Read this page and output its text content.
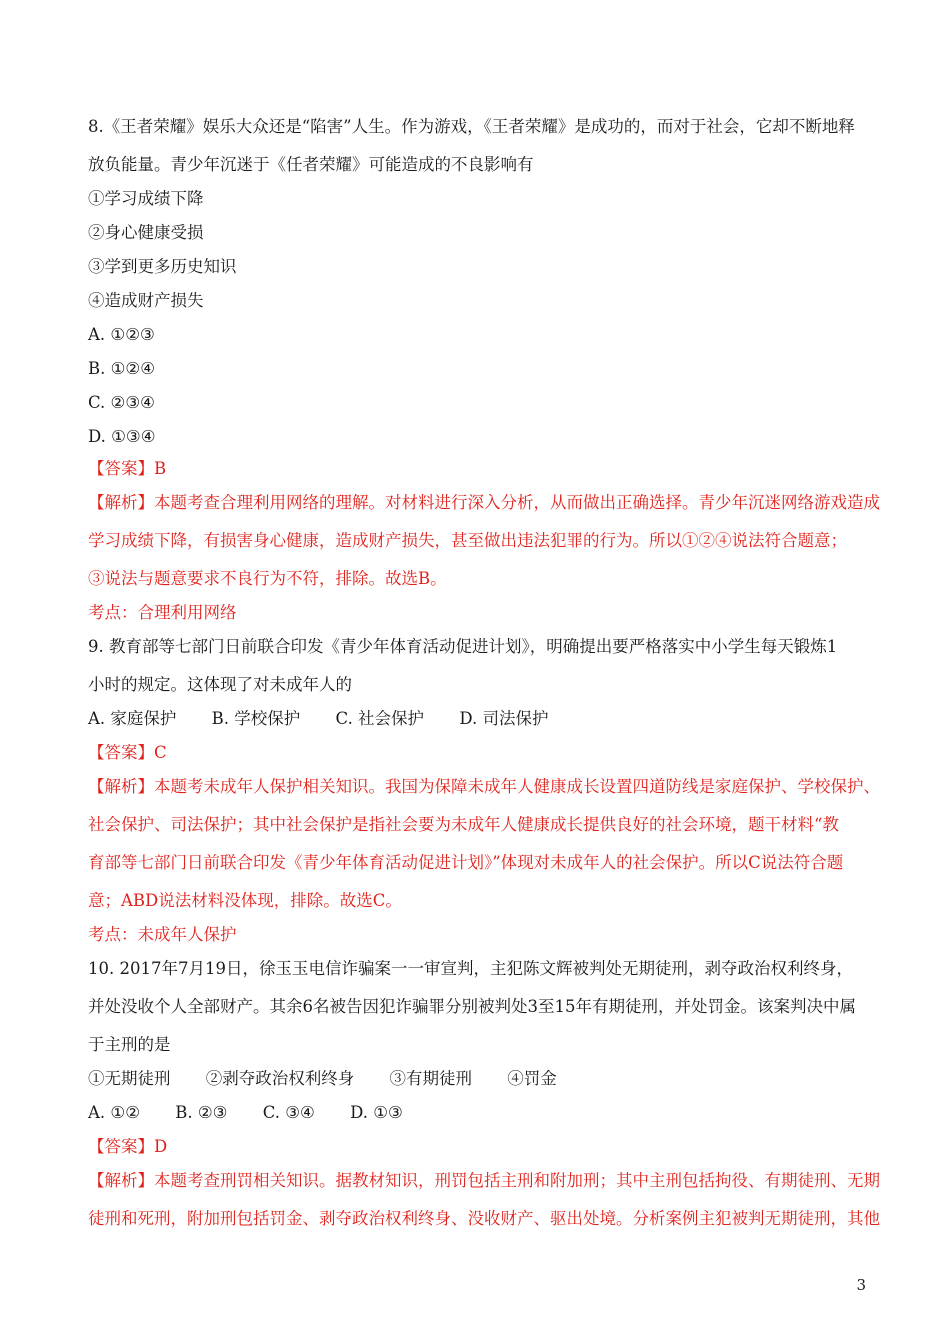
8.《王者荣耀》娱乐大众还是“陷害”人生。作为游戏，《王者荣耀》是成功的，而对于社会，它却不断地释
放负能量。青少年沉迷于《任者荣耀》可能造成的不良影响有
①学习成绩下降
②身心健康受损
③学到更多历史知识
④造成财产损失
A. ①②③
B. ①②④
C. ②③④
D. ①③④
【答案】B
【解析】本题考查合理利用网络的理解。对材料进行深入分析，从而做出正确选择。青少年沉迷网络游戏造成
学习成绩下降，有损害身心健康，造成财产损失，甚至做出违法犯罪的行为。所以①②④说法符合题意；
③说法与题意要求不良行为不符，排除。故选B。
考点：合理利用网络
9. 教育部等七部门日前联合印发《青少年体育活动促进计划》，明确提出要严格落实中小学生每天锻炼1
小时的规定。这体现了对未成年人的
A. 家庭保护 B. 学校保护 C. 社会保护 D. 司法保护
【答案】C
【解析】本题考未成年人保护相关知识。我国为保障未成年人健康成长设置四道防线是家庭保护、学校保护、
社会保护、司法保护；其中社会保护是指社会要为未成年人健康成长提供良好的社会环境，题干材料“教
育部等七部门日前联合印发《青少年体育活动促进计划》”体现对未成年人的社会保护。所以C说法符合题
意；ABD说法材料没体现，排除。故选C。
考点：未成年人保护
10. 2017年7月19日，徐玉玉电信诈骗案一一审宣判，主犯陈文辉被判处无期徒刑，剥夺政治权利终身，
并处没收个人全部财产。其余6名被告因犯诈骗罪分别被判处3至15年有期徒刑，并处罚金。该案判决中属
于主刑的是
①无期徒刑 ②剥夺政治权利终身 ③有期徒刑 ④罚金
A. ①② B. ②③ C. ③④ D. ①③
【答案】D
【解析】本题考查刑罚相关知识。据教材知识，刑罚包括主刑和附加刑；其中主刑包括拘役、有期徒刑、无期
徒刑和死刑，附加刑包括罚金、剥夺政治权利终身、没收财产、驱出处境。分析案例主犯被判无期徒刑，其他
3
